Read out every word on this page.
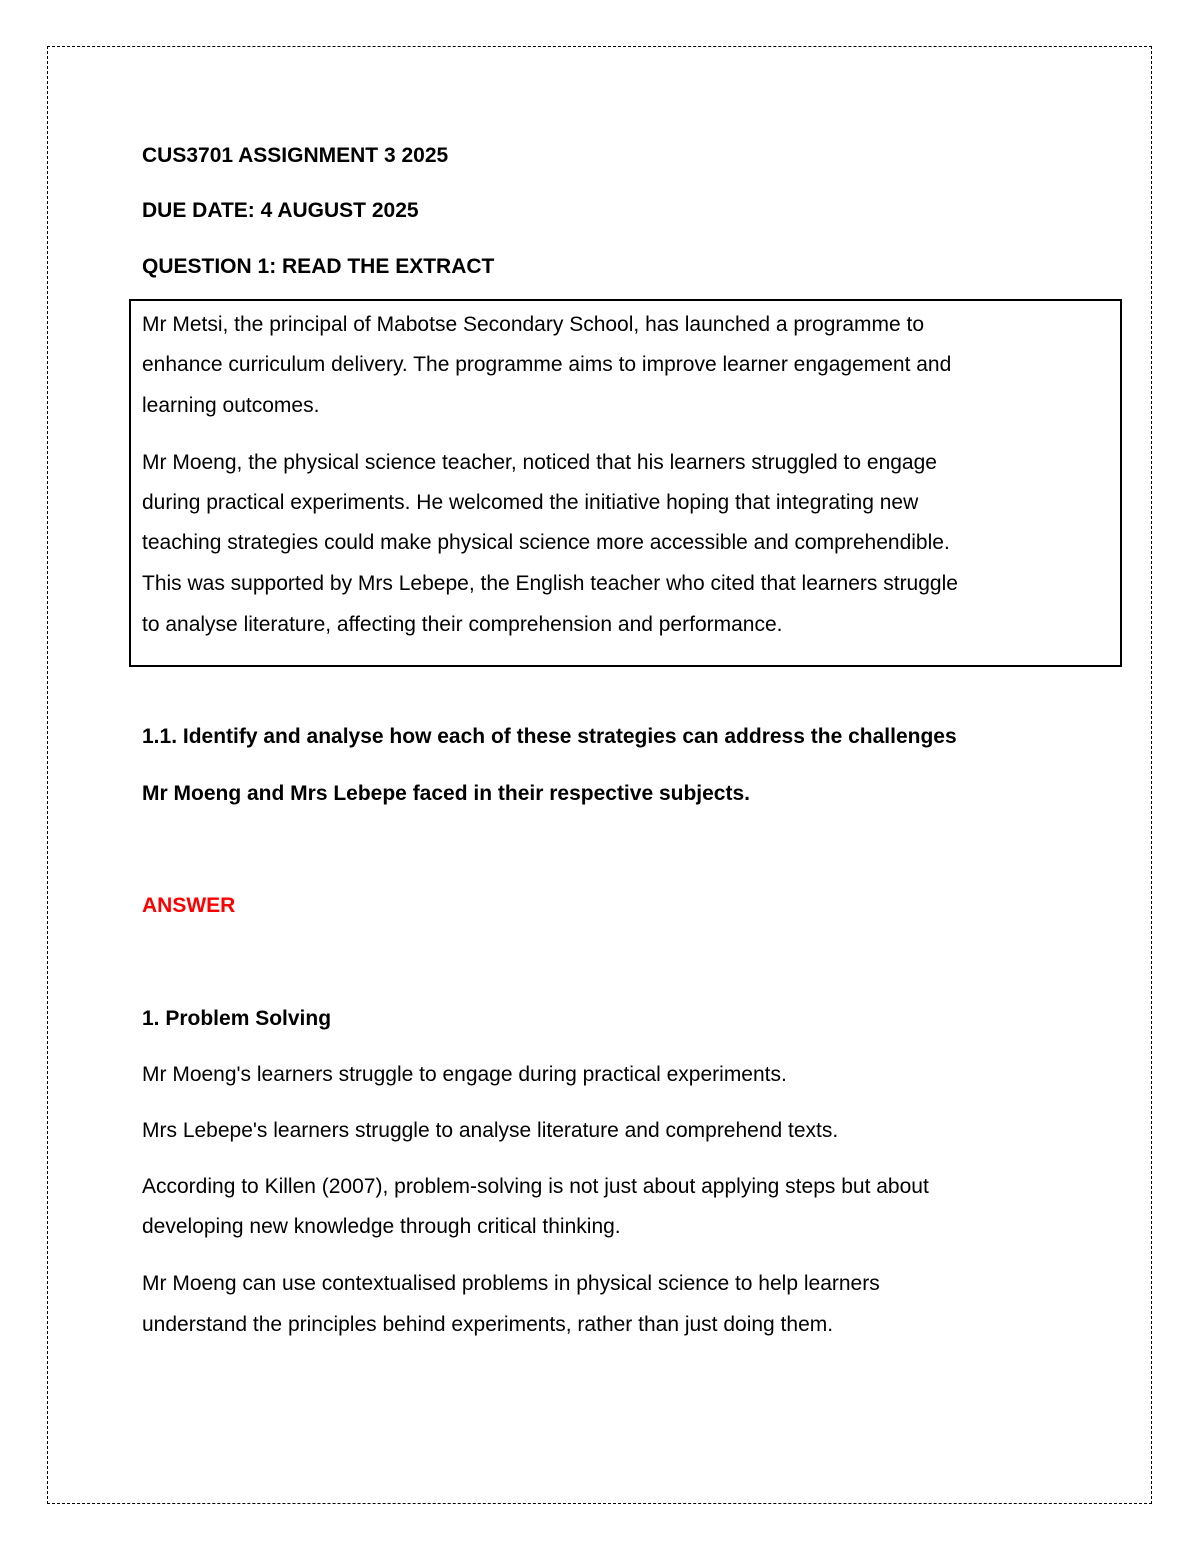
CUS3701 ASSIGNMENT 3 2025
DUE DATE: 4 AUGUST 2025
QUESTION 1: READ THE EXTRACT
Mr Metsi, the principal of Mabotse Secondary School, has launched a programme to
enhance curriculum delivery. The programme aims to improve learner engagement and
learning outcomes.
Mr Moeng, the physical science teacher, noticed that his learners struggled to engage
during practical experiments. He welcomed the initiative hoping that integrating new
teaching strategies could make physical science more accessible and comprehendible.
This was supported by Mrs Lebepe, the English teacher who cited that learners struggle
to analyse literature, affecting their comprehension and performance.
1.1. Identify and analyse how each of these strategies can address the challenges
Mr Moeng and Mrs Lebepe faced in their respective subjects.
ANSWER
1. Problem Solving
Mr Moeng's learners struggle to engage during practical experiments.
Mrs Lebepe's learners struggle to analyse literature and comprehend texts.
According to Killen (2007), problem-solving is not just about applying steps but about
developing new knowledge through critical thinking.
Mr Moeng can use contextualised problems in physical science to help learners
understand the principles behind experiments, rather than just doing them.
